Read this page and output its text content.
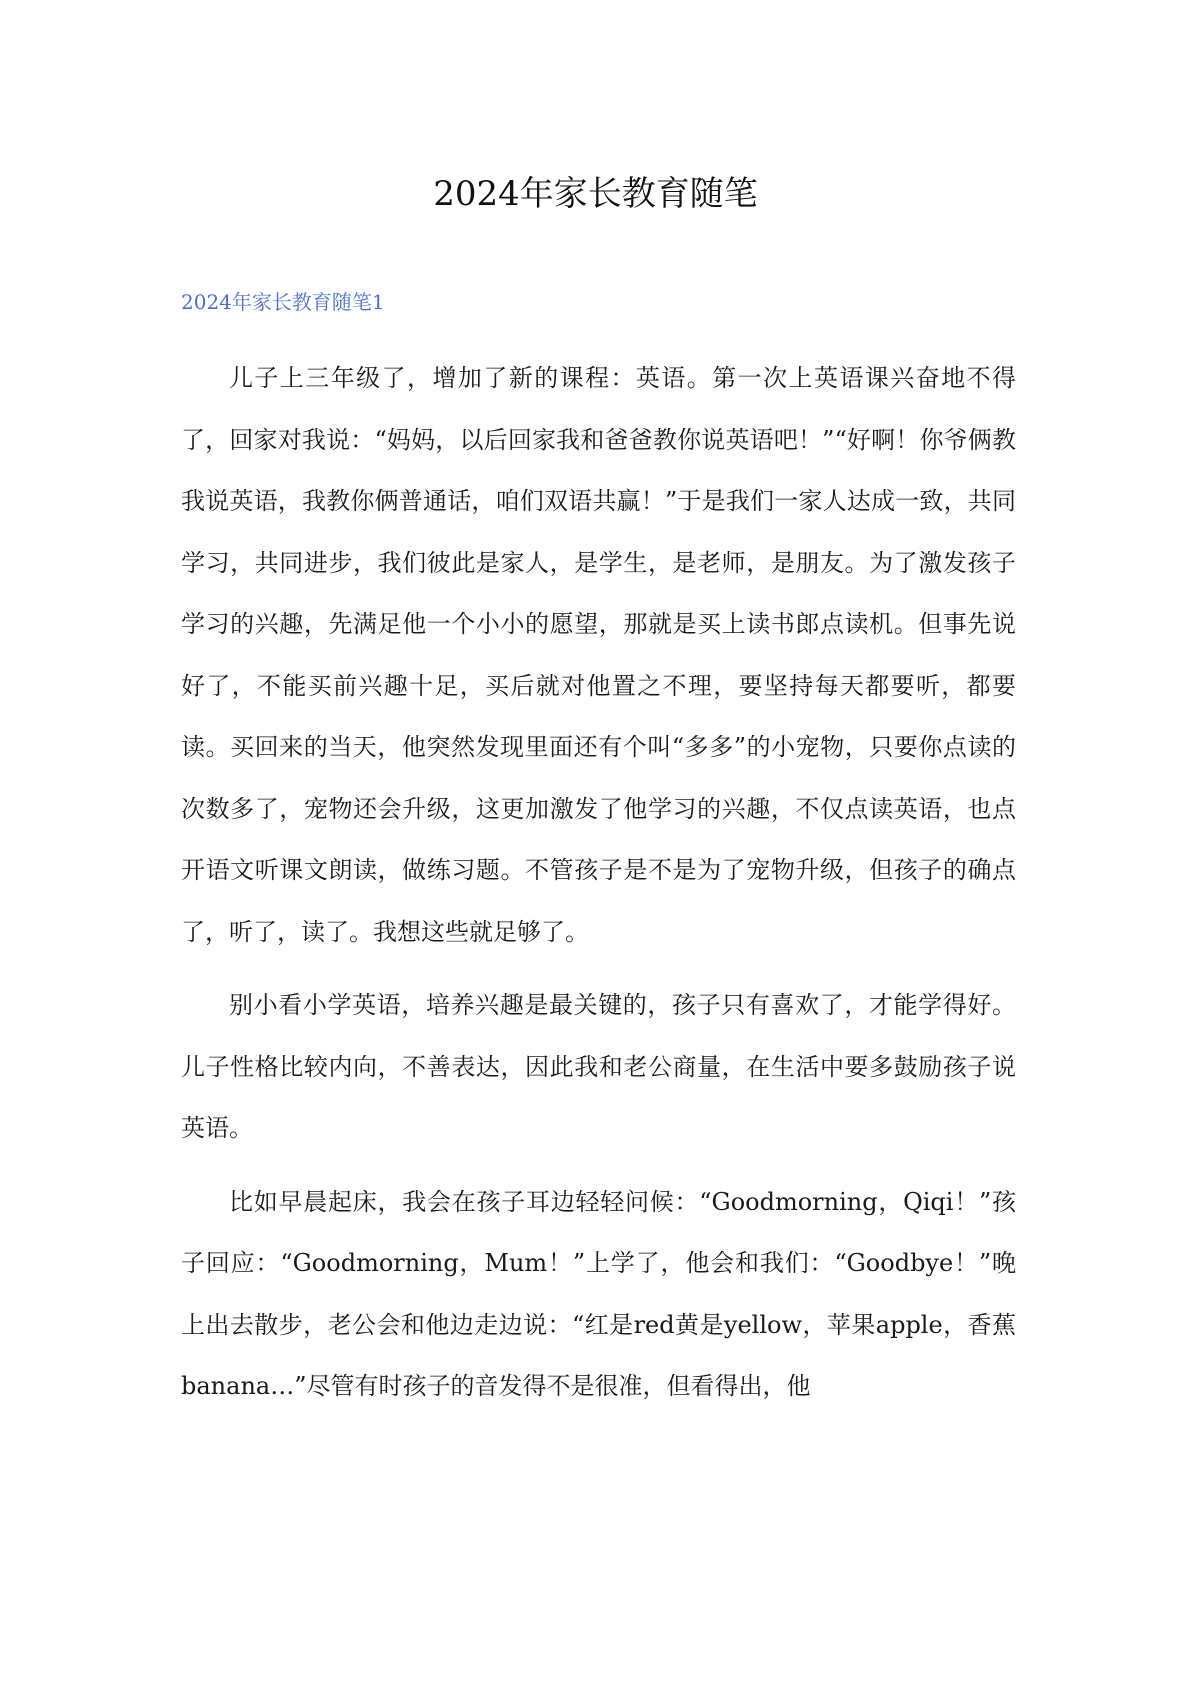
2024年家长教育随笔
2024年家长教育随笔1

儿子上三年级了，增加了新的课程：英语。第一次上英语课兴奋地不得了，回家对我说：“妈妈，以后回家我和爸爸教你说英语吧！”“好啊！你爷俩教我说英语，我教你俩普通话，咱们双语共赢！”于是我们一家人达成一致，共同学习，共同进步，我们彼此是家人，是学生，是老师，是朋友。为了激发孩子学习的兴趣，先满足他一个小小的愿望，那就是买上读书郎点读机。但事先说好了，不能买前兴趣十足，买后就对他置之不理，要坚持每天都要听，都要读。买回来的当天，他突然发现里面还有个叫“多多”的小宠物，只要你点读的次数多了，宠物还会升级，这更加激发了他学习的兴趣，不仅点读英语，也点开语文听课文朗读，做练习题。不管孩子是不是为了宠物升级，但孩子的确点了，听了，读了。我想这些就足够了。

别小看小学英语，培养兴趣是最关键的，孩子只有喜欢了，才能学得好。儿子性格比较内向，不善表达，因此我和老公商量，在生活中要多鼓励孩子说英语。

比如早晨起床，我会在孩子耳边轻轻问候：“Goodmorning，Qiqi！”孩子回应：“Goodmorning，Mum！”上学了，他会和我们：“Goodbye！”晚上出去散步，老公会和他边走边说：“红是red黄是yellow，苹果apple，香蕉banana…”尽管有时孩子的音发得不是很准，但看得出，他
